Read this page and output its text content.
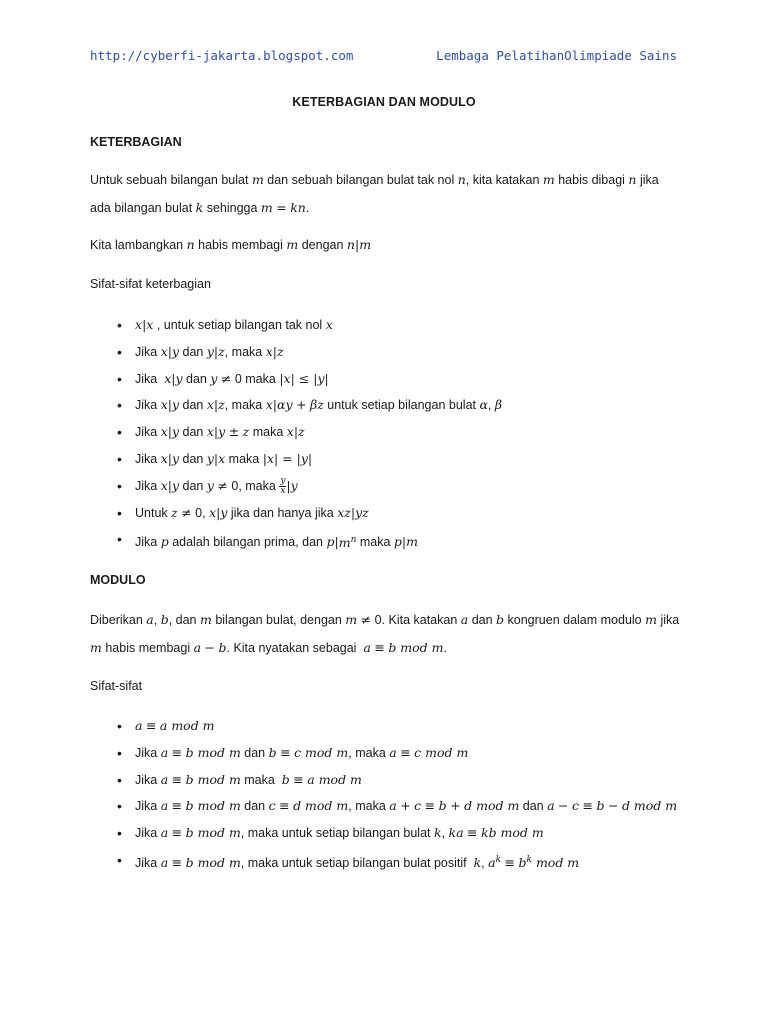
http://cyberfi-jakarta.blogspot.com	Lembaga PelatihanOlimpiade Sains
KETERBAGIAN DAN MODULO
KETERBAGIAN
Untuk sebuah bilangan bulat m dan sebuah bilangan bulat tak nol n, kita katakan m habis dibagi n jika ada bilangan bulat k sehingga m = kn.
Kita lambangkan n habis membagi m dengan n|m
Sifat-sifat keterbagian
• x|x , untuk setiap bilangan tak nol x
• Jika x|y dan y|z, maka x|z
• Jika  x|y dan y ≠ 0 maka |x| ≤ |y|
• Jika x|y dan x|z, maka x|αy + βz untuk setiap bilangan bulat α, β
• Jika x|y dan x|y ± z maka x|z
• Jika x|y dan y|x maka |x| = |y|
• Jika x|y dan y ≠ 0, maka $\frac{y}{x} |y$
• Untuk z ≠ 0, x|y jika dan hanya jika xz|yz
• Jika p adalah bilangan prima, dan $p|m^n$ maka p|m
MODULO
Diberikan a, b, dan m bilangan bulat, dengan m ≠ 0. Kita katakan a dan b kongruen dalam modulo m jika m habis membagi a − b. Kita nyatakan sebagai  a ≡ b mod m.
Sifat-sifat
• a ≡ a mod m
• Jika a ≡ b mod m dan b ≡ c mod m, maka a ≡ c mod m
• Jika a ≡ b mod m maka  b ≡ a mod m
• Jika a ≡ b mod m dan c ≡ d mod m, maka a + c ≡ b + d mod m dan a − c ≡ b − d mod m
• Jika a ≡ b mod m, maka untuk setiap bilangan bulat k, ka ≡ kb mod m
• Jika a ≡ b mod m, maka untuk setiap bilangan bulat positif  k, $a^k \equiv b^k$ mod m
